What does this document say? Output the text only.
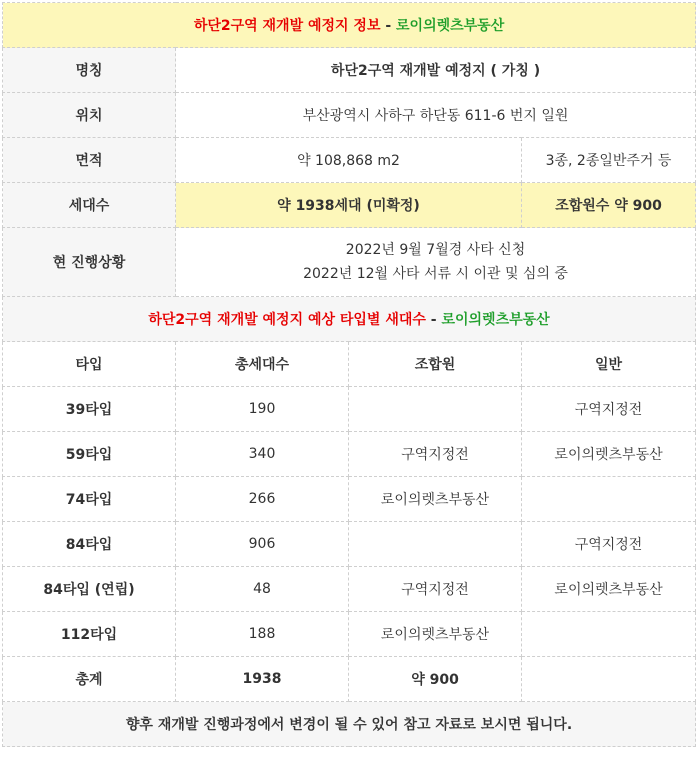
하단2구역 재개발 예정지 정보 - 로이의렛츠부동산			
명칭	하단2구역 재개발 예정지 ( 가칭 )		
위치	부산광역시 사하구 하단동 611-6 번지 일원		
면적	약 108,868 m2		3종, 2종일반주거 등
세대수	약 1938세대 (미확정)		조합원수 약 900
현 진행상황	2022년 9월 7월경 사타 신청
2022년 12월 사타 서류 시 이관 및 심의 중		

하단2구역 재개발 예정지 예상 타입별 새대수 - 로이의렛츠부동산			
타입	총세대수	조합원	일반
39타입	190		구역지정전
59타입	340	구역지정전	로이의렛츠부동산
74타입	266	로이의렛츠부동산	
84타입	906		구역지정전
84타입 (연립)	48	구역지정전	로이의렛츠부동산
112타입	188	로이의렛츠부동산	
총계	1938	약 900	
향후 재개발 진행과정에서 변경이 될 수 있어 참고 자료로 보시면 됩니다.			
